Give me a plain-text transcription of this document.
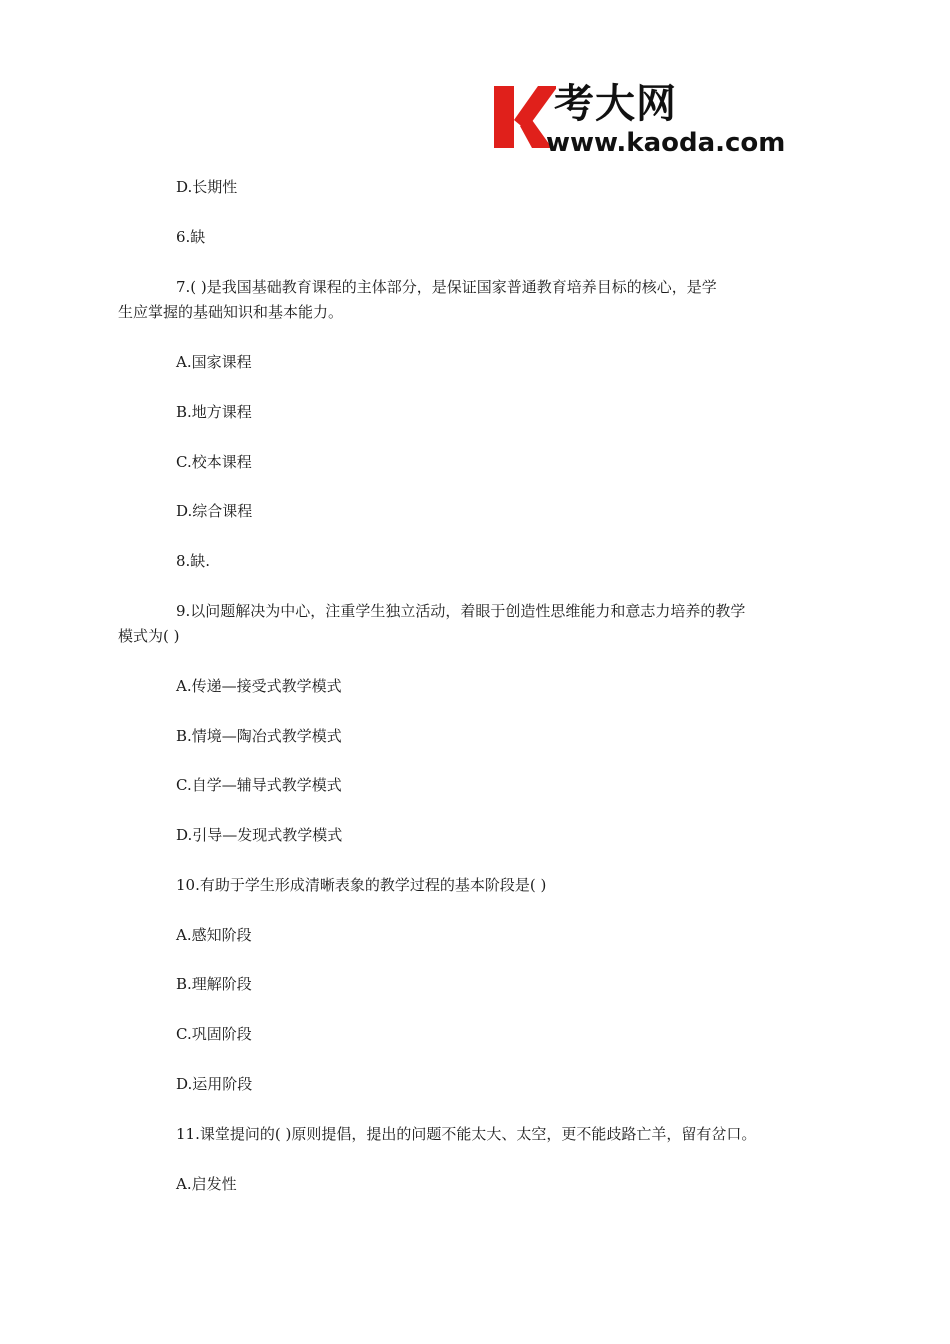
考大网
www.kaoda.com
D.长期性
6.缺
7.( )是我国基础教育课程的主体部分，是保证国家普通教育培养目标的核心，是学
生应掌握的基础知识和基本能力。
A.国家课程
B.地方课程
C.校本课程
D.综合课程
8.缺.
9.以问题解决为中心，注重学生独立活动，着眼于创造性思维能力和意志力培养的教学
模式为( )
A.传递—接受式教学模式
B.情境—陶冶式教学模式
C.自学—辅导式教学模式
D.引导—发现式教学模式
10.有助于学生形成清晰表象的教学过程的基本阶段是( )
A.感知阶段
B.理解阶段
C.巩固阶段
D.运用阶段
11.课堂提问的( )原则提倡，提出的问题不能太大、太空，更不能歧路亡羊，留有岔口。
A.启发性
